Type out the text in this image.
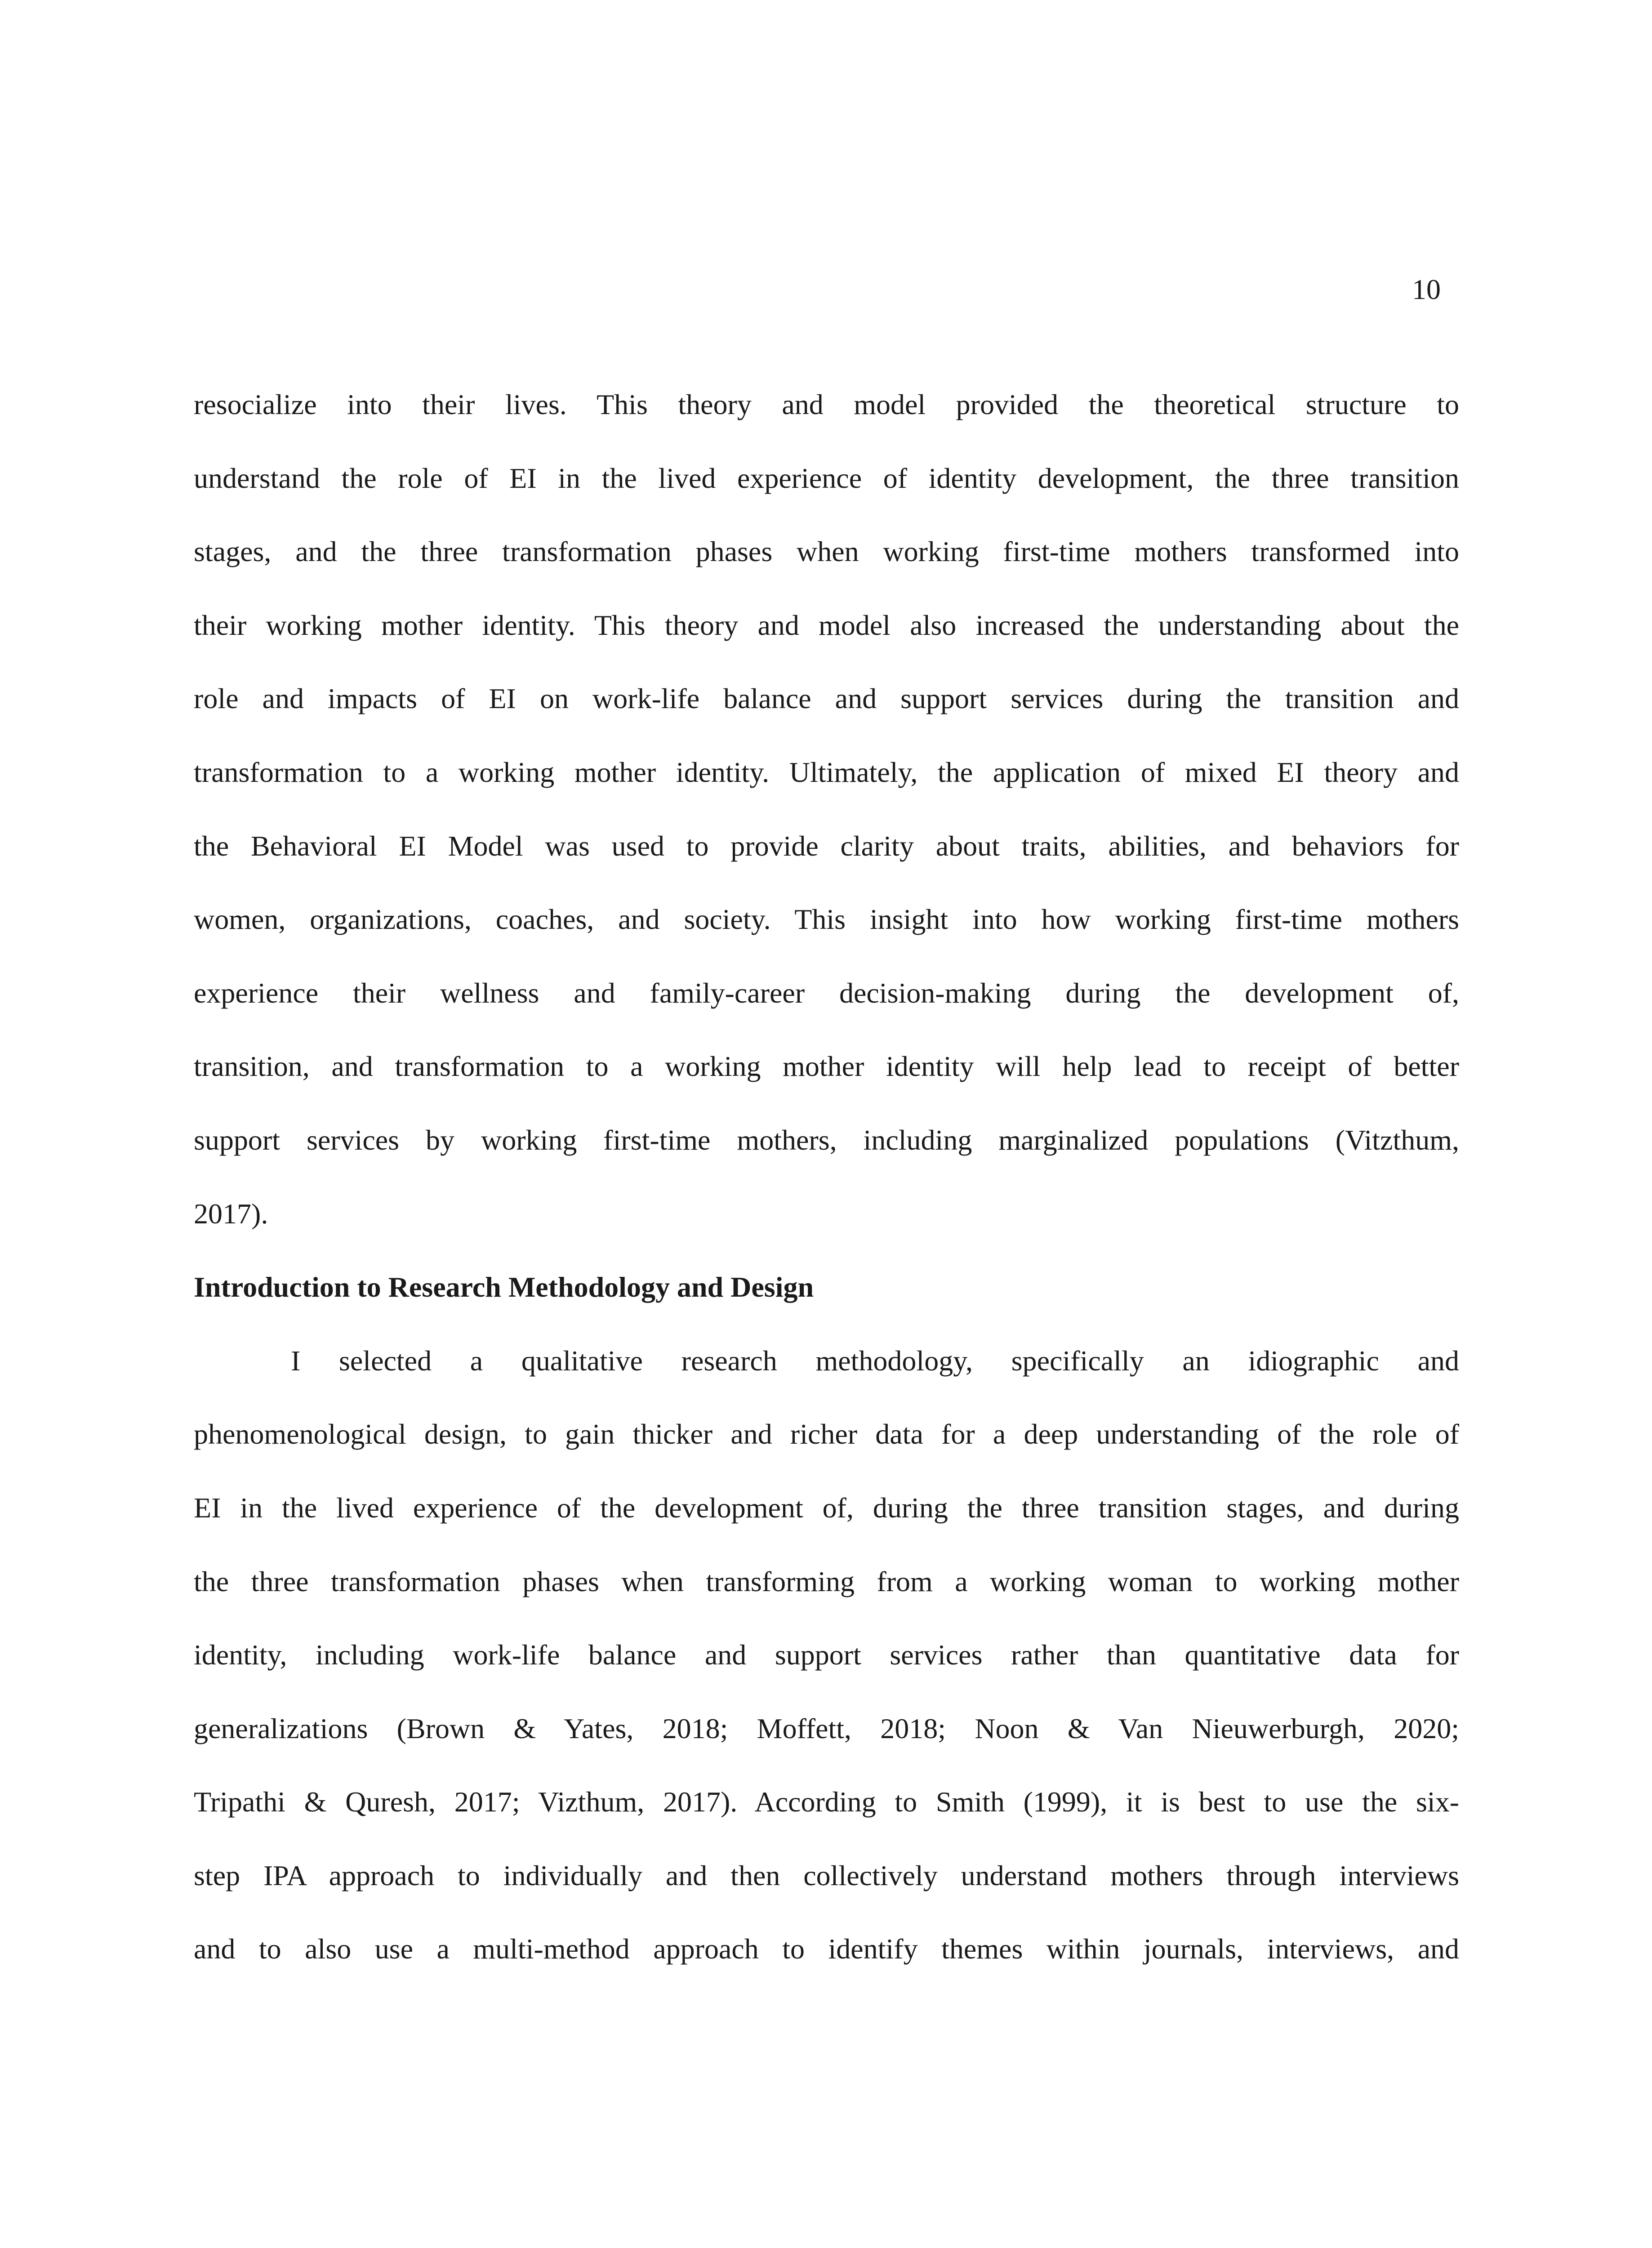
10
resocialize into their lives. This theory and model provided the theoretical structure to
understand the role of EI in the lived experience of identity development, the three transition
stages, and the three transformation phases when working first-time mothers transformed into
their working mother identity. This theory and model also increased the understanding about the
role and impacts of EI on work-life balance and support services during the transition and
transformation to a working mother identity. Ultimately, the application of mixed EI theory and
the Behavioral EI Model was used to provide clarity about traits, abilities, and behaviors for
women, organizations, coaches, and society. This insight into how working first-time mothers
experience their wellness and family-career decision-making during the development of,
transition, and transformation to a working mother identity will help lead to receipt of better
support services by working first-time mothers, including marginalized populations (Vitzthum,
2017).
Introduction to Research Methodology and Design
I selected a qualitative research methodology, specifically an idiographic and
phenomenological design, to gain thicker and richer data for a deep understanding of the role of
EI in the lived experience of the development of, during the three transition stages, and during
the three transformation phases when transforming from a working woman to working mother
identity, including work-life balance and support services rather than quantitative data for
generalizations (Brown & Yates, 2018; Moffett, 2018; Noon & Van Nieuwerburgh, 2020;
Tripathi & Quresh, 2017; Vizthum, 2017). According to Smith (1999), it is best to use the six-
step IPA approach to individually and then collectively understand mothers through interviews
and to also use a multi-method approach to identify themes within journals, interviews, and
